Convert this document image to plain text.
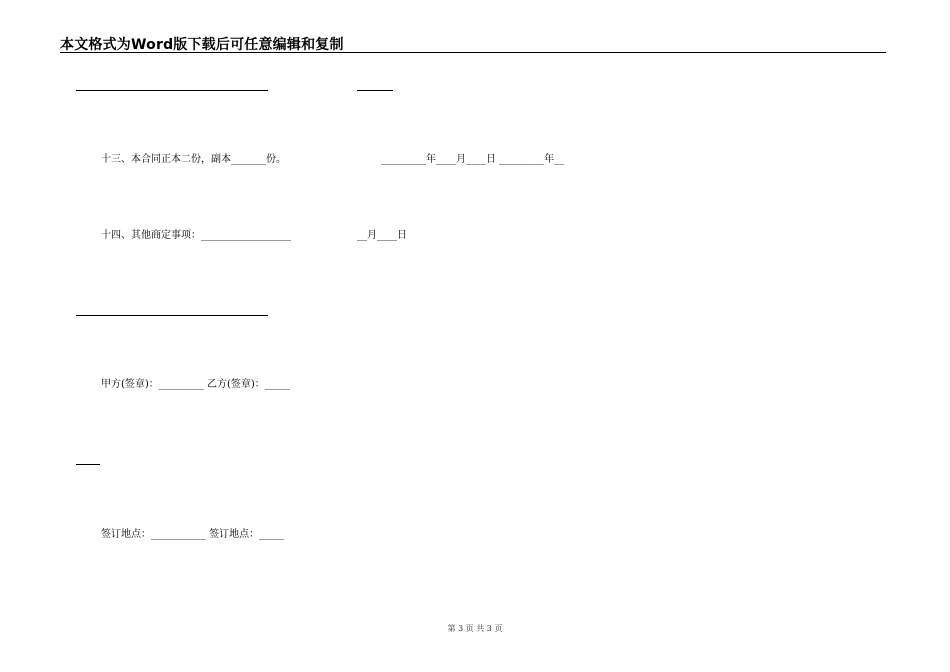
本文格式为Word版下载后可任意编辑和复制
十三、本合同正本二份，副本_______份。	_________年____月____日 _________年__
十四、其他商定事项：__________________	__月____日
甲方(签章)：_________ 乙方(签章)：_____
签订地点：___________ 签订地点：_____
第 3 页 共 3 页
